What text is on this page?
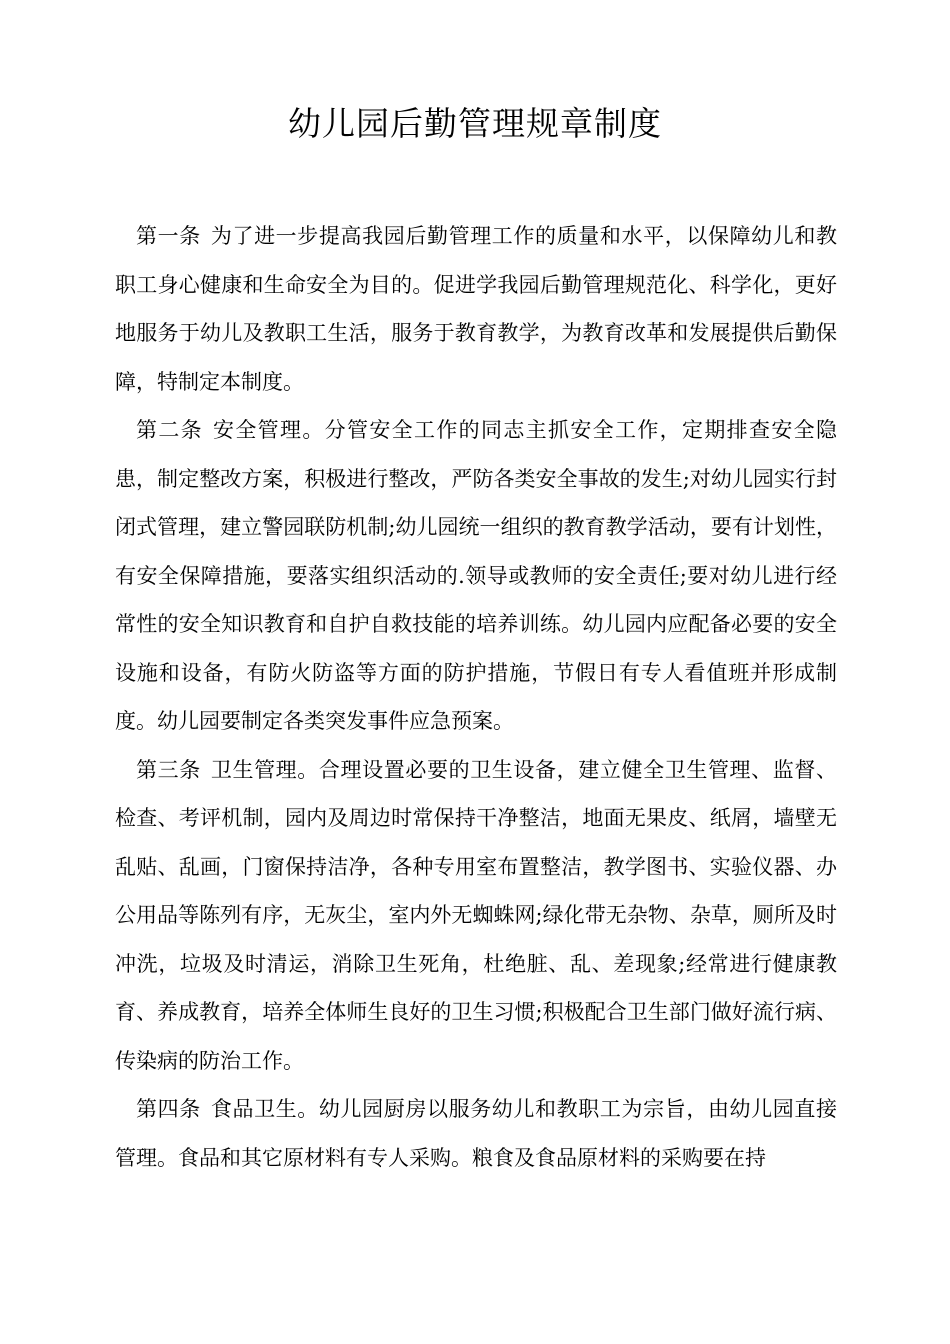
幼儿园后勤管理规章制度

第一条 为了进一步提高我园后勤管理工作的质量和水平，以保障幼儿和教职工身心健康和生命安全为目的。促进学我园后勤管理规范化、科学化，更好地服务于幼儿及教职工生活，服务于教育教学，为教育改革和发展提供后勤保障，特制定本制度。

第二条 安全管理。分管安全工作的同志主抓安全工作，定期排查安全隐患，制定整改方案，积极进行整改，严防各类安全事故的发生;对幼儿园实行封闭式管理，建立警园联防机制;幼儿园统一组织的教育教学活动，要有计划性，有安全保障措施，要落实组织活动的.领导或教师的安全责任;要对幼儿进行经常性的安全知识教育和自护自救技能的培养训练。幼儿园内应配备必要的安全设施和设备，有防火防盗等方面的防护措施，节假日有专人看值班并形成制度。幼儿园要制定各类突发事件应急预案。

第三条 卫生管理。合理设置必要的卫生设备，建立健全卫生管理、监督、检查、考评机制，园内及周边时常保持干净整洁，地面无果皮、纸屑，墙壁无乱贴、乱画，门窗保持洁净，各种专用室布置整洁，教学图书、实验仪器、办公用品等陈列有序，无灰尘，室内外无蜘蛛网;绿化带无杂物、杂草，厕所及时冲洗，垃圾及时清运，消除卫生死角，杜绝脏、乱、差现象;经常进行健康教育、养成教育，培养全体师生良好的卫生习惯;积极配合卫生部门做好流行病、传染病的防治工作。

第四条 食品卫生。幼儿园厨房以服务幼儿和教职工为宗旨，由幼儿园直接管理。食品和其它原材料有专人采购。粮食及食品原材料的采购要在持
